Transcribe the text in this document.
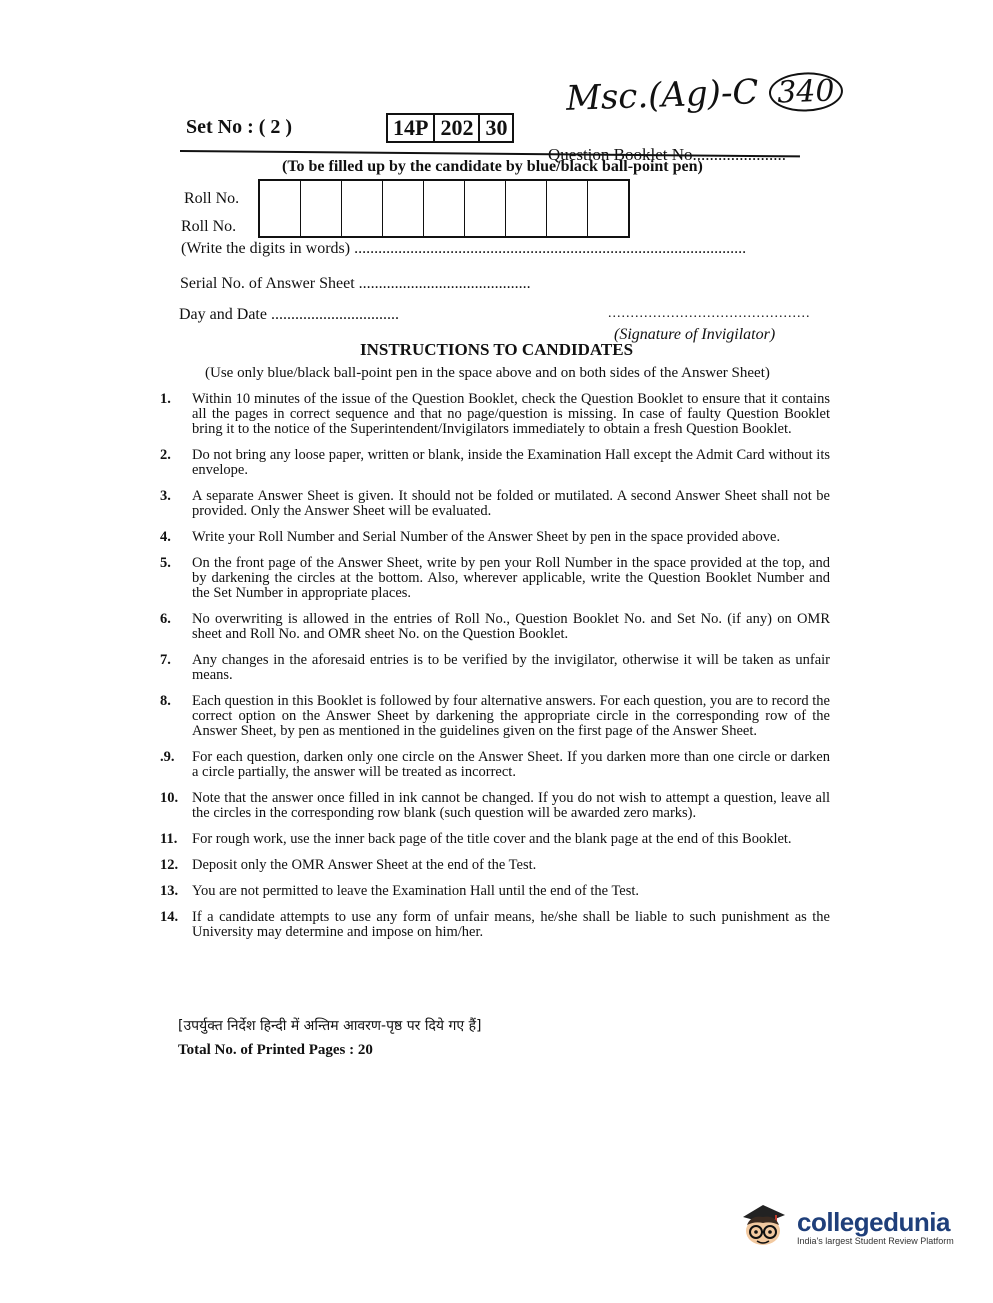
Set No : ( 2 )	14P 202 30
Msc.(Ag)-C 340
Question Booklet No......................
(To be filled up by the candidate by blue/black ball-point pen)
Roll No.
Roll No.
(Write the digits in words) ..................................................................................................
Serial No. of Answer Sheet ...........................................
Day and Date ................................	.............................................
(Signature of Invigilator)
INSTRUCTIONS TO CANDIDATES
(Use only blue/black ball-point pen in the space above and on both sides of the Answer Sheet)
1.	Within 10 minutes of the issue of the Question Booklet, check the Question Booklet to ensure that it contains all the pages in correct sequence and that no page/question is missing. In case of faulty Question Booklet bring it to the notice of the Superintendent/Invigilators immediately to obtain a fresh Question Booklet.
2.	Do not bring any loose paper, written or blank, inside the Examination Hall except the Admit Card without its envelope.
3.	A separate Answer Sheet is given. It should not be folded or mutilated. A second Answer Sheet shall not be provided. Only the Answer Sheet will be evaluated.
4.	Write your Roll Number and Serial Number of the Answer Sheet by pen in the space provided above.
5.	On the front page of the Answer Sheet, write by pen your Roll Number in the space provided at the top, and by darkening the circles at the bottom. Also, wherever applicable, write the Question Booklet Number and the Set Number in appropriate places.
6.	No overwriting is allowed in the entries of Roll No., Question Booklet No. and Set No. (if any) on OMR sheet and Roll No. and OMR sheet No. on the Question Booklet.
7.	Any changes in the aforesaid entries is to be verified by the invigilator, otherwise it will be taken as unfair means.
8.	Each question in this Booklet is followed by four alternative answers. For each question, you are to record the correct option on the Answer Sheet by darkening the appropriate circle in the corresponding row of the Answer Sheet, by pen as mentioned in the guidelines given on the first page of the Answer Sheet.
.9.	For each question, darken only one circle on the Answer Sheet. If you darken more than one circle or darken a circle partially, the answer will be treated as incorrect.
10. Note that the answer once filled in ink cannot be changed. If you do not wish to attempt a question, leave all the circles in the corresponding row blank (such question will be awarded zero marks).
11.	For rough work, use the inner back page of the title cover and the blank page at the end of this Booklet.
12. Deposit only the OMR Answer Sheet at the end of the Test.
13. You are not permitted to leave the Examination Hall until the end of the Test.
14. If a candidate attempts to use any form of unfair means, he/she shall be liable to such punishment as the University may determine and impose on him/her.
[उपर्युक्त निर्देश हिन्दी में अन्तिम आवरण-पृष्ठ पर दिये गए हैं]
Total No. of Printed Pages : 20
collegedunia
India's largest Student Review Platform
